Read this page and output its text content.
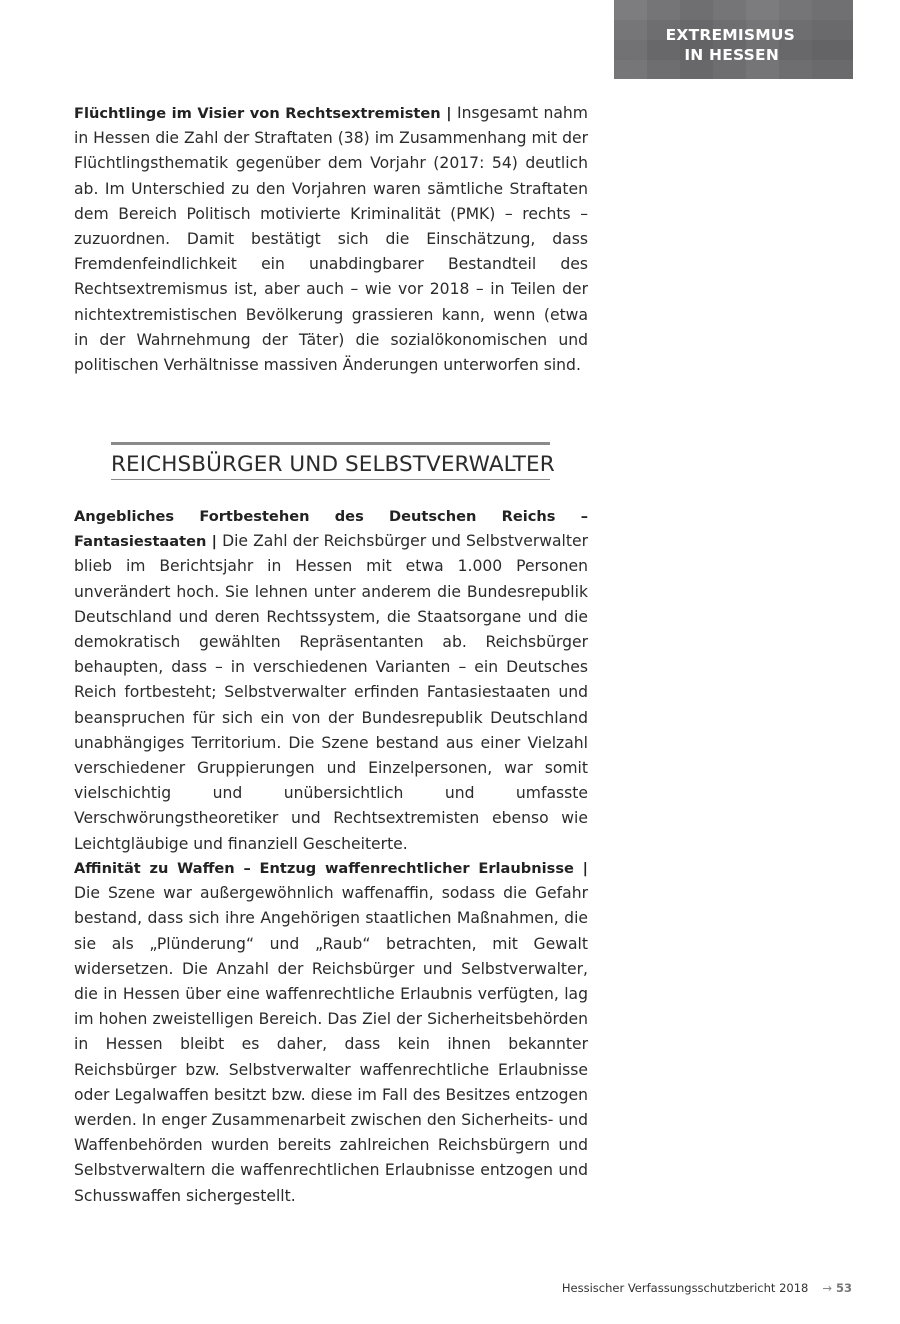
EXTREMISMUS
IN HESSEN

Flüchtlinge im Visier von Rechtsextremisten | Insgesamt nahm in Hessen die Zahl der Straftaten (38) im Zusammenhang mit der Flüchtlingsthematik gegenüber dem Vorjahr (2017: 54) deutlich ab. Im Unterschied zu den Vorjahren waren sämtliche Straftaten dem Bereich Politisch motivierte Kriminalität (PMK) – rechts – zuzuordnen. Damit bestätigt sich die Einschätzung, dass Fremdenfeindlichkeit ein unabdingbarer Bestandteil des Rechtsextremismus ist, aber auch – wie vor 2018 – in Teilen der nichtextremistischen Bevölkerung grassieren kann, wenn (etwa in der Wahrnehmung der Täter) die sozialökonomischen und politischen Verhältnisse massiven Änderungen unterworfen sind.

REICHSBÜRGER UND SELBSTVERWALTER

Angebliches Fortbestehen des Deutschen Reichs – Fantasiestaaten | Die Zahl der Reichsbürger und Selbstverwalter blieb im Berichtsjahr in Hessen mit etwa 1.000 Personen unverändert hoch. Sie lehnen unter anderem die Bundesrepublik Deutschland und deren Rechtssystem, die Staatsorgane und die demokratisch gewählten Repräsentanten ab. Reichsbürger behaupten, dass – in verschiedenen Varianten – ein Deutsches Reich fortbesteht; Selbstverwalter erfinden Fantasiestaaten und beanspruchen für sich ein von der Bundesrepublik Deutschland unabhängiges Territorium. Die Szene bestand aus einer Vielzahl verschiedener Gruppierungen und Einzelpersonen, war somit vielschichtig und unübersichtlich und umfasste Verschwörungstheoretiker und Rechtsextremisten ebenso wie Leichtgläubige und finanziell Gescheiterte.

Affinität zu Waffen – Entzug waffenrechtlicher Erlaubnisse | Die Szene war außergewöhnlich waffenaffin, sodass die Gefahr bestand, dass sich ihre Angehörigen staatlichen Maßnahmen, die sie als „Plünderung“ und „Raub“ betrachten, mit Gewalt widersetzen. Die Anzahl der Reichsbürger und Selbstverwalter, die in Hessen über eine waffenrechtliche Erlaubnis verfügten, lag im hohen zweistelligen Bereich. Das Ziel der Sicherheitsbehörden in Hessen bleibt es daher, dass kein ihnen bekannter Reichsbürger bzw. Selbstverwalter waffenrechtliche Erlaubnisse oder Legalwaffen besitzt bzw. diese im Fall des Besitzes entzogen werden. In enger Zusammenarbeit zwischen den Sicherheits- und Waffenbehörden wurden bereits zahlreichen Reichsbürgern und Selbstverwaltern die waffenrechtlichen Erlaubnisse entzogen und Schusswaffen sichergestellt.

Hessischer Verfassungsschutzbericht 2018 → 53
